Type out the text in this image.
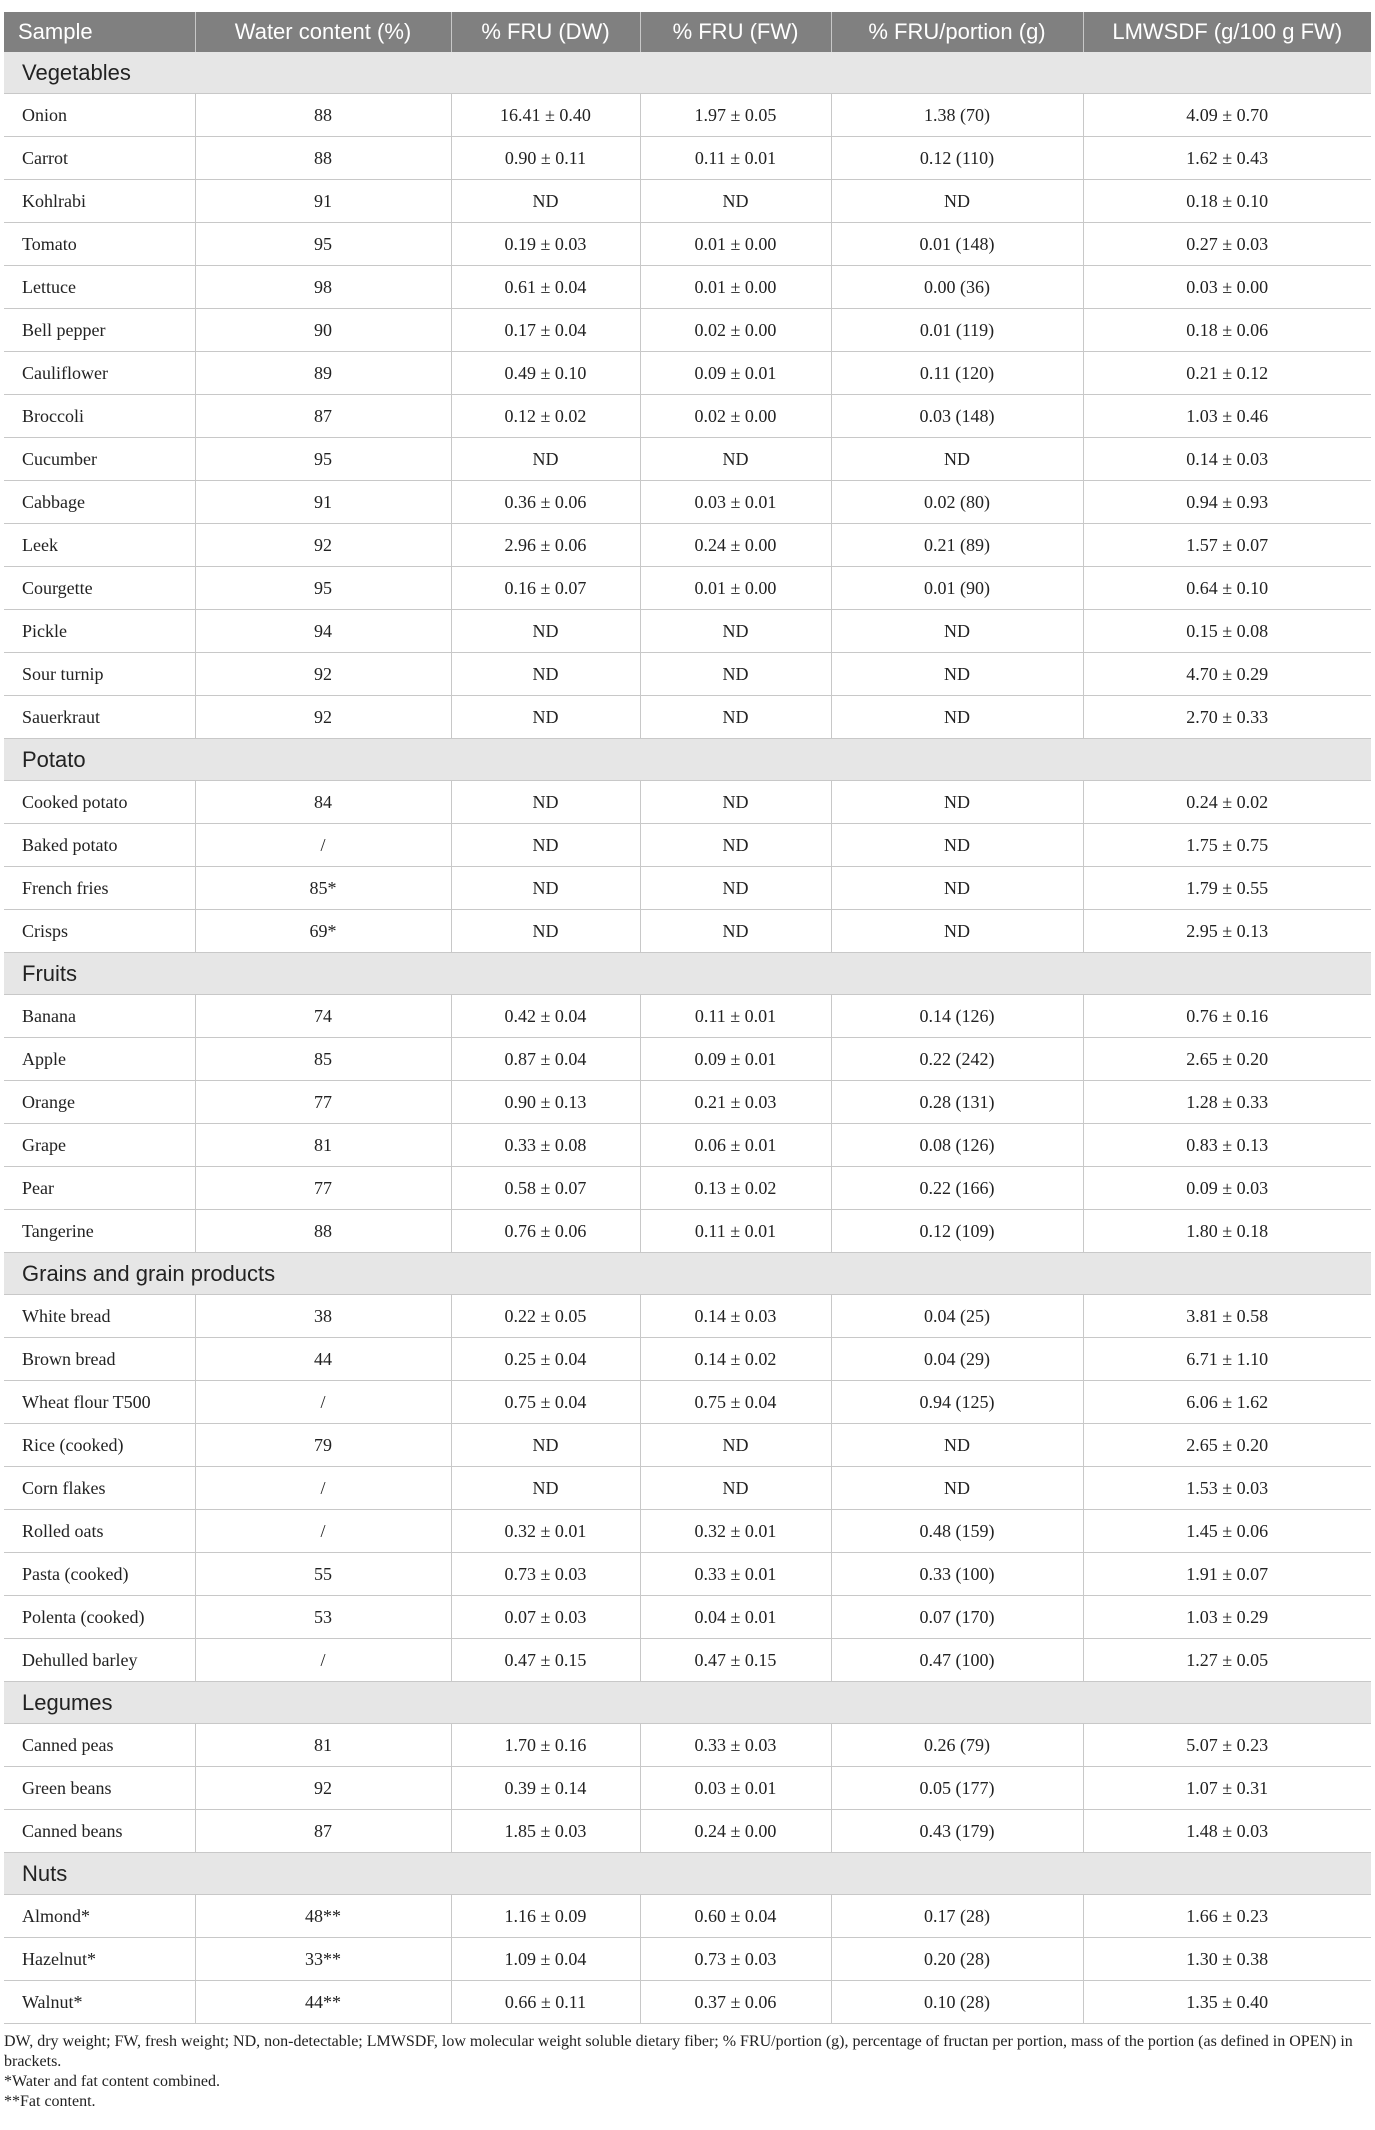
Sample	Water content (%)	% FRU (DW)	% FRU (FW)	% FRU/portion (g)	LMWSDF (g/100 g FW)
Vegetables					
Onion	88	16.41 ± 0.40	1.97 ± 0.05	1.38 (70)	4.09 ± 0.70
Carrot	88	0.90 ± 0.11	0.11 ± 0.01	0.12 (110)	1.62 ± 0.43
Kohlrabi	91	ND	ND	ND	0.18 ± 0.10
Tomato	95	0.19 ± 0.03	0.01 ± 0.00	0.01 (148)	0.27 ± 0.03
Lettuce	98	0.61 ± 0.04	0.01 ± 0.00	0.00 (36)	0.03 ± 0.00
Bell pepper	90	0.17 ± 0.04	0.02 ± 0.00	0.01 (119)	0.18 ± 0.06
Cauliflower	89	0.49 ± 0.10	0.09 ± 0.01	0.11 (120)	0.21 ± 0.12
Broccoli	87	0.12 ± 0.02	0.02 ± 0.00	0.03 (148)	1.03 ± 0.46
Cucumber	95	ND	ND	ND	0.14 ± 0.03
Cabbage	91	0.36 ± 0.06	0.03 ± 0.01	0.02 (80)	0.94 ± 0.93
Leek	92	2.96 ± 0.06	0.24 ± 0.00	0.21 (89)	1.57 ± 0.07
Courgette	95	0.16 ± 0.07	0.01 ± 0.00	0.01 (90)	0.64 ± 0.10
Pickle	94	ND	ND	ND	0.15 ± 0.08
Sour turnip	92	ND	ND	ND	4.70 ± 0.29
Sauerkraut	92	ND	ND	ND	2.70 ± 0.33
Potato					
Cooked potato	84	ND	ND	ND	0.24 ± 0.02
Baked potato	/	ND	ND	ND	1.75 ± 0.75
French fries	85*	ND	ND	ND	1.79 ± 0.55
Crisps	69*	ND	ND	ND	2.95 ± 0.13
Fruits					
Banana	74	0.42 ± 0.04	0.11 ± 0.01	0.14 (126)	0.76 ± 0.16
Apple	85	0.87 ± 0.04	0.09 ± 0.01	0.22 (242)	2.65 ± 0.20
Orange	77	0.90 ± 0.13	0.21 ± 0.03	0.28 (131)	1.28 ± 0.33
Grape	81	0.33 ± 0.08	0.06 ± 0.01	0.08 (126)	0.83 ± 0.13
Pear	77	0.58 ± 0.07	0.13 ± 0.02	0.22 (166)	0.09 ± 0.03
Tangerine	88	0.76 ± 0.06	0.11 ± 0.01	0.12 (109)	1.80 ± 0.18
Grains and grain products					
White bread	38	0.22 ± 0.05	0.14 ± 0.03	0.04 (25)	3.81 ± 0.58
Brown bread	44	0.25 ± 0.04	0.14 ± 0.02	0.04 (29)	6.71 ± 1.10
Wheat flour T500	/	0.75 ± 0.04	0.75 ± 0.04	0.94 (125)	6.06 ± 1.62
Rice (cooked)	79	ND	ND	ND	2.65 ± 0.20
Corn flakes	/	ND	ND	ND	1.53 ± 0.03
Rolled oats	/	0.32 ± 0.01	0.32 ± 0.01	0.48 (159)	1.45 ± 0.06
Pasta (cooked)	55	0.73 ± 0.03	0.33 ± 0.01	0.33 (100)	1.91 ± 0.07
Polenta (cooked)	53	0.07 ± 0.03	0.04 ± 0.01	0.07 (170)	1.03 ± 0.29
Dehulled barley	/	0.47 ± 0.15	0.47 ± 0.15	0.47 (100)	1.27 ± 0.05
Legumes					
Canned peas	81	1.70 ± 0.16	0.33 ± 0.03	0.26 (79)	5.07 ± 0.23
Green beans	92	0.39 ± 0.14	0.03 ± 0.01	0.05 (177)	1.07 ± 0.31
Canned beans	87	1.85 ± 0.03	0.24 ± 0.00	0.43 (179)	1.48 ± 0.03
Nuts					
Almond*	48**	1.16 ± 0.09	0.60 ± 0.04	0.17 (28)	1.66 ± 0.23
Hazelnut*	33**	1.09 ± 0.04	0.73 ± 0.03	0.20 (28)	1.30 ± 0.38
Walnut*	44**	0.66 ± 0.11	0.37 ± 0.06	0.10 (28)	1.35 ± 0.40
DW, dry weight; FW, fresh weight; ND, non-detectable; LMWSDF, low molecular weight soluble dietary fiber; % FRU/portion (g), percentage of fructan per portion, mass of the portion (as defined in OPEN) in brackets.
*Water and fat content combined.
**Fat content.
